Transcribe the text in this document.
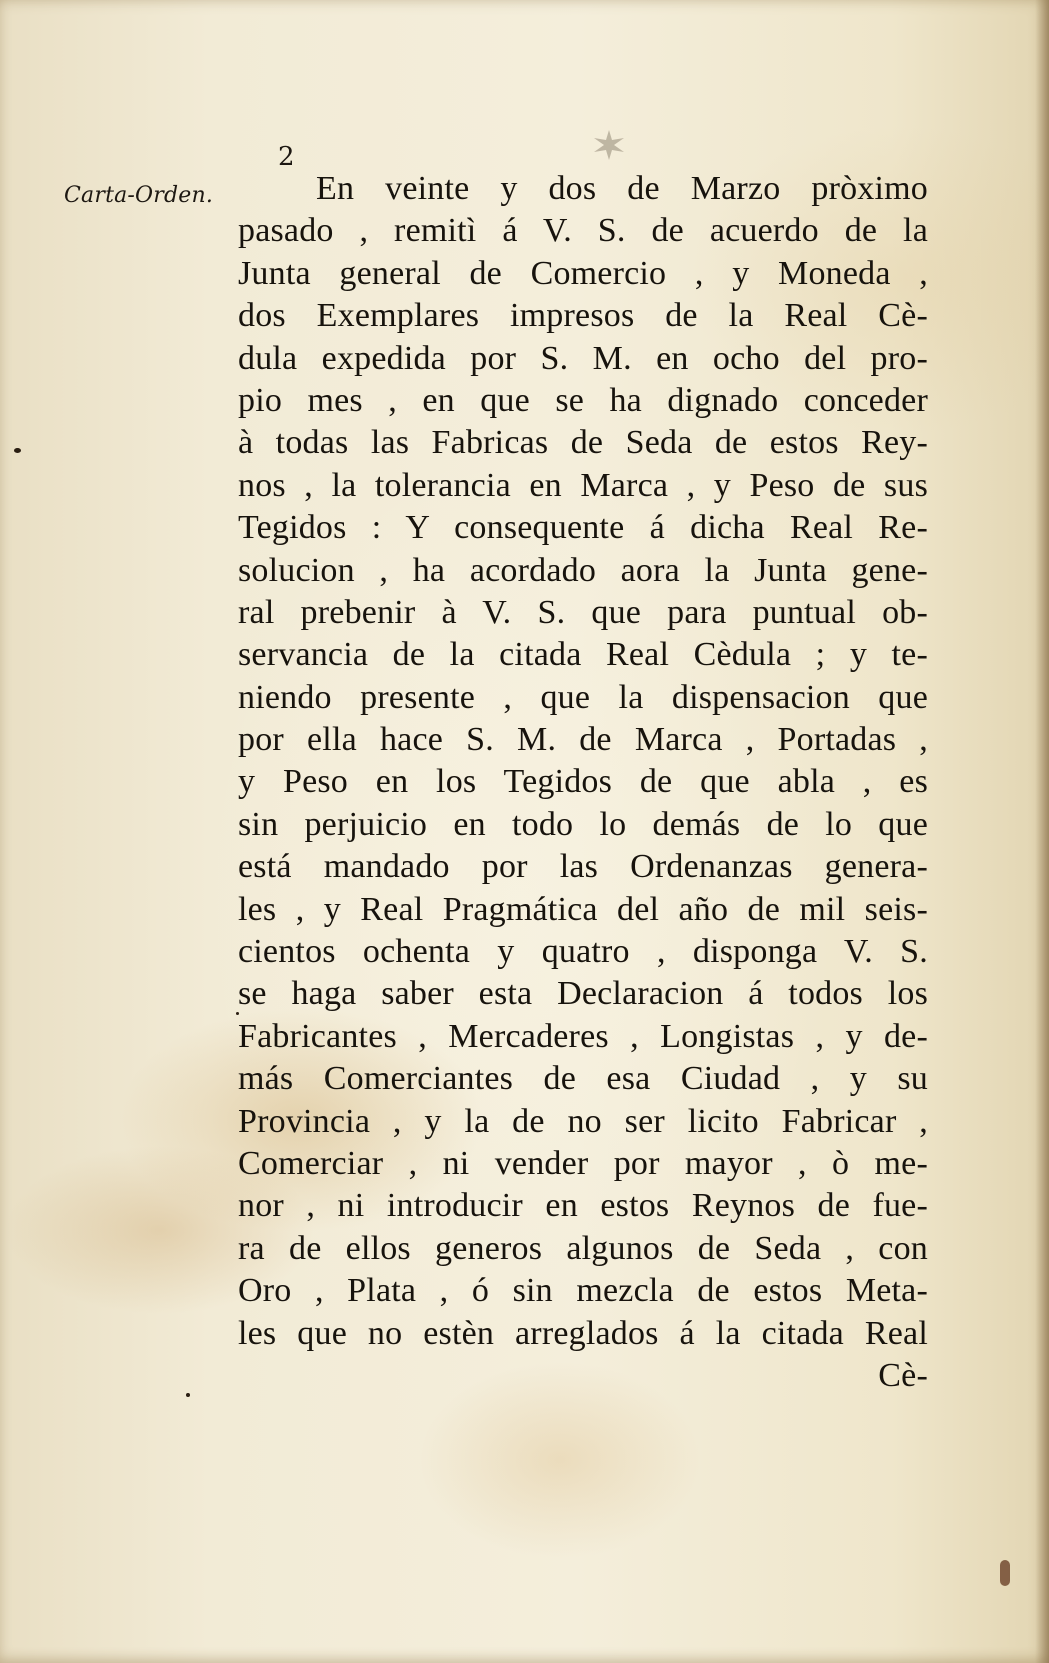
2
Carta-Orden.	En veinte y dos de Marzo pròximo
pasado , remitì á V. S. de acuerdo de la
Junta general de Comercio , y Moneda ,
dos Exemplares impresos de la Real Cè-
dula expedida por S. M. en ocho del pro-
pio mes , en que se ha dignado conceder
à todas las Fabricas de Seda de estos Rey-
nos , la tolerancia en Marca , y Peso de sus
Tegidos : Y consequente á dicha Real Re-
solucion , ha acordado aora la Junta gene-
ral prebenir à V. S. que para puntual ob-
servancia de la citada Real Cèdula ; y te-
niendo presente , que la dispensacion que
por ella hace S. M. de Marca , Portadas ,
y Peso en los Tegidos de que abla , es
sin perjuicio en todo lo demás de lo que
está mandado por las Ordenanzas genera-
les , y Real Pragmática del año de mil seis-
cientos ochenta y quatro , disponga V. S.
se haga saber esta Declaracion á todos los
Fabricantes , Mercaderes , Longistas , y de-
más Comerciantes de esa Ciudad , y su
Provincia , y la de no ser licito Fabricar ,
Comerciar , ni vender por mayor , ò me-
nor , ni introducir en estos Reynos de fue-
ra de ellos generos algunos de Seda , con
Oro , Plata , ó sin mezcla de estos Meta-
les que no estèn arreglados á la citada Real
Cè-
